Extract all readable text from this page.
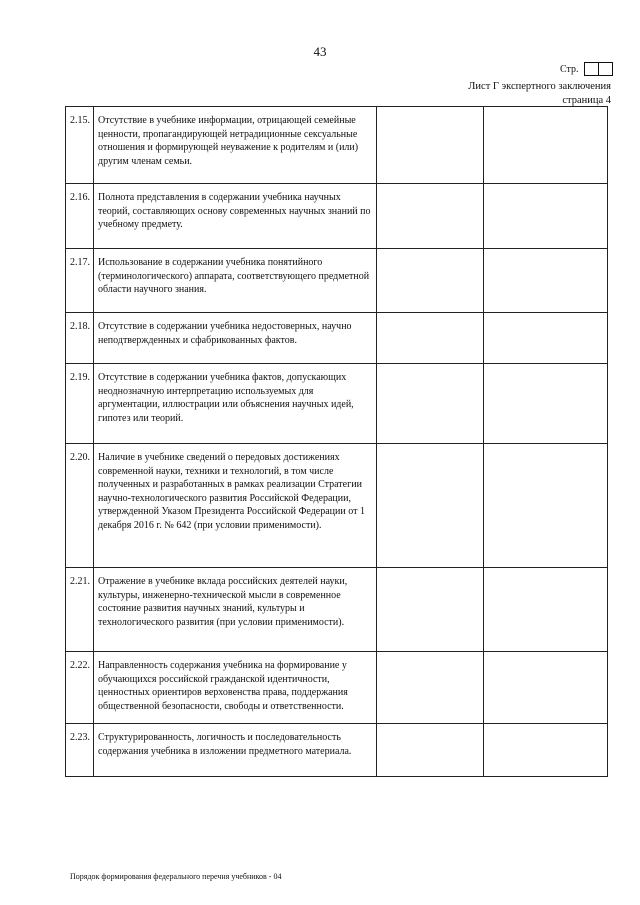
43
Стр.
Лист Г экспертного заключения
страница 4
2.15.	Отсутствие в учебнике информации, отрицающей семейные ценности, пропагандирующей нетрадиционные сексуальные отношения и формирующей неуважение к родителям и (или) другим членам семьи.		
2.16.	Полнота представления в содержании учебника научных теорий, составляющих основу современных научных знаний по учебному предмету.		
2.17.	Использование в содержании учебника понятийного (терминологического) аппарата, соответствующего предметной области научного знания.		
2.18.	Отсутствие в содержании учебника недостоверных, научно неподтвержденных и сфабрикованных фактов.		
2.19.	Отсутствие в содержании учебника фактов, допускающих неоднозначную интерпретацию используемых для аргументации, иллюстрации или объяснения научных идей, гипотез или теорий.		
2.20.	Наличие в учебнике сведений о передовых достижениях современной науки, техники и технологий, в том числе полученных и разработанных в рамках реализации Стратегии научно-технологического развития Российской Федерации, утвержденной Указом Президента Российской Федерации от 1 декабря 2016 г. № 642 (при условии применимости).		
2.21.	Отражение в учебнике вклада российских деятелей науки, культуры, инженерно-технической мысли в современное состояние развития научных знаний, культуры и технологического развития (при условии применимости).		
2.22.	Направленность содержания учебника на формирование у обучающихся российской гражданской идентичности, ценностных ориентиров верховенства права, поддержания общественной безопасности, свободы и ответственности.		
2.23.	Структурированность, логичность и последовательность содержания учебника в изложении предметного материала.		
Порядок формирования федерального перечня учебников - 04
